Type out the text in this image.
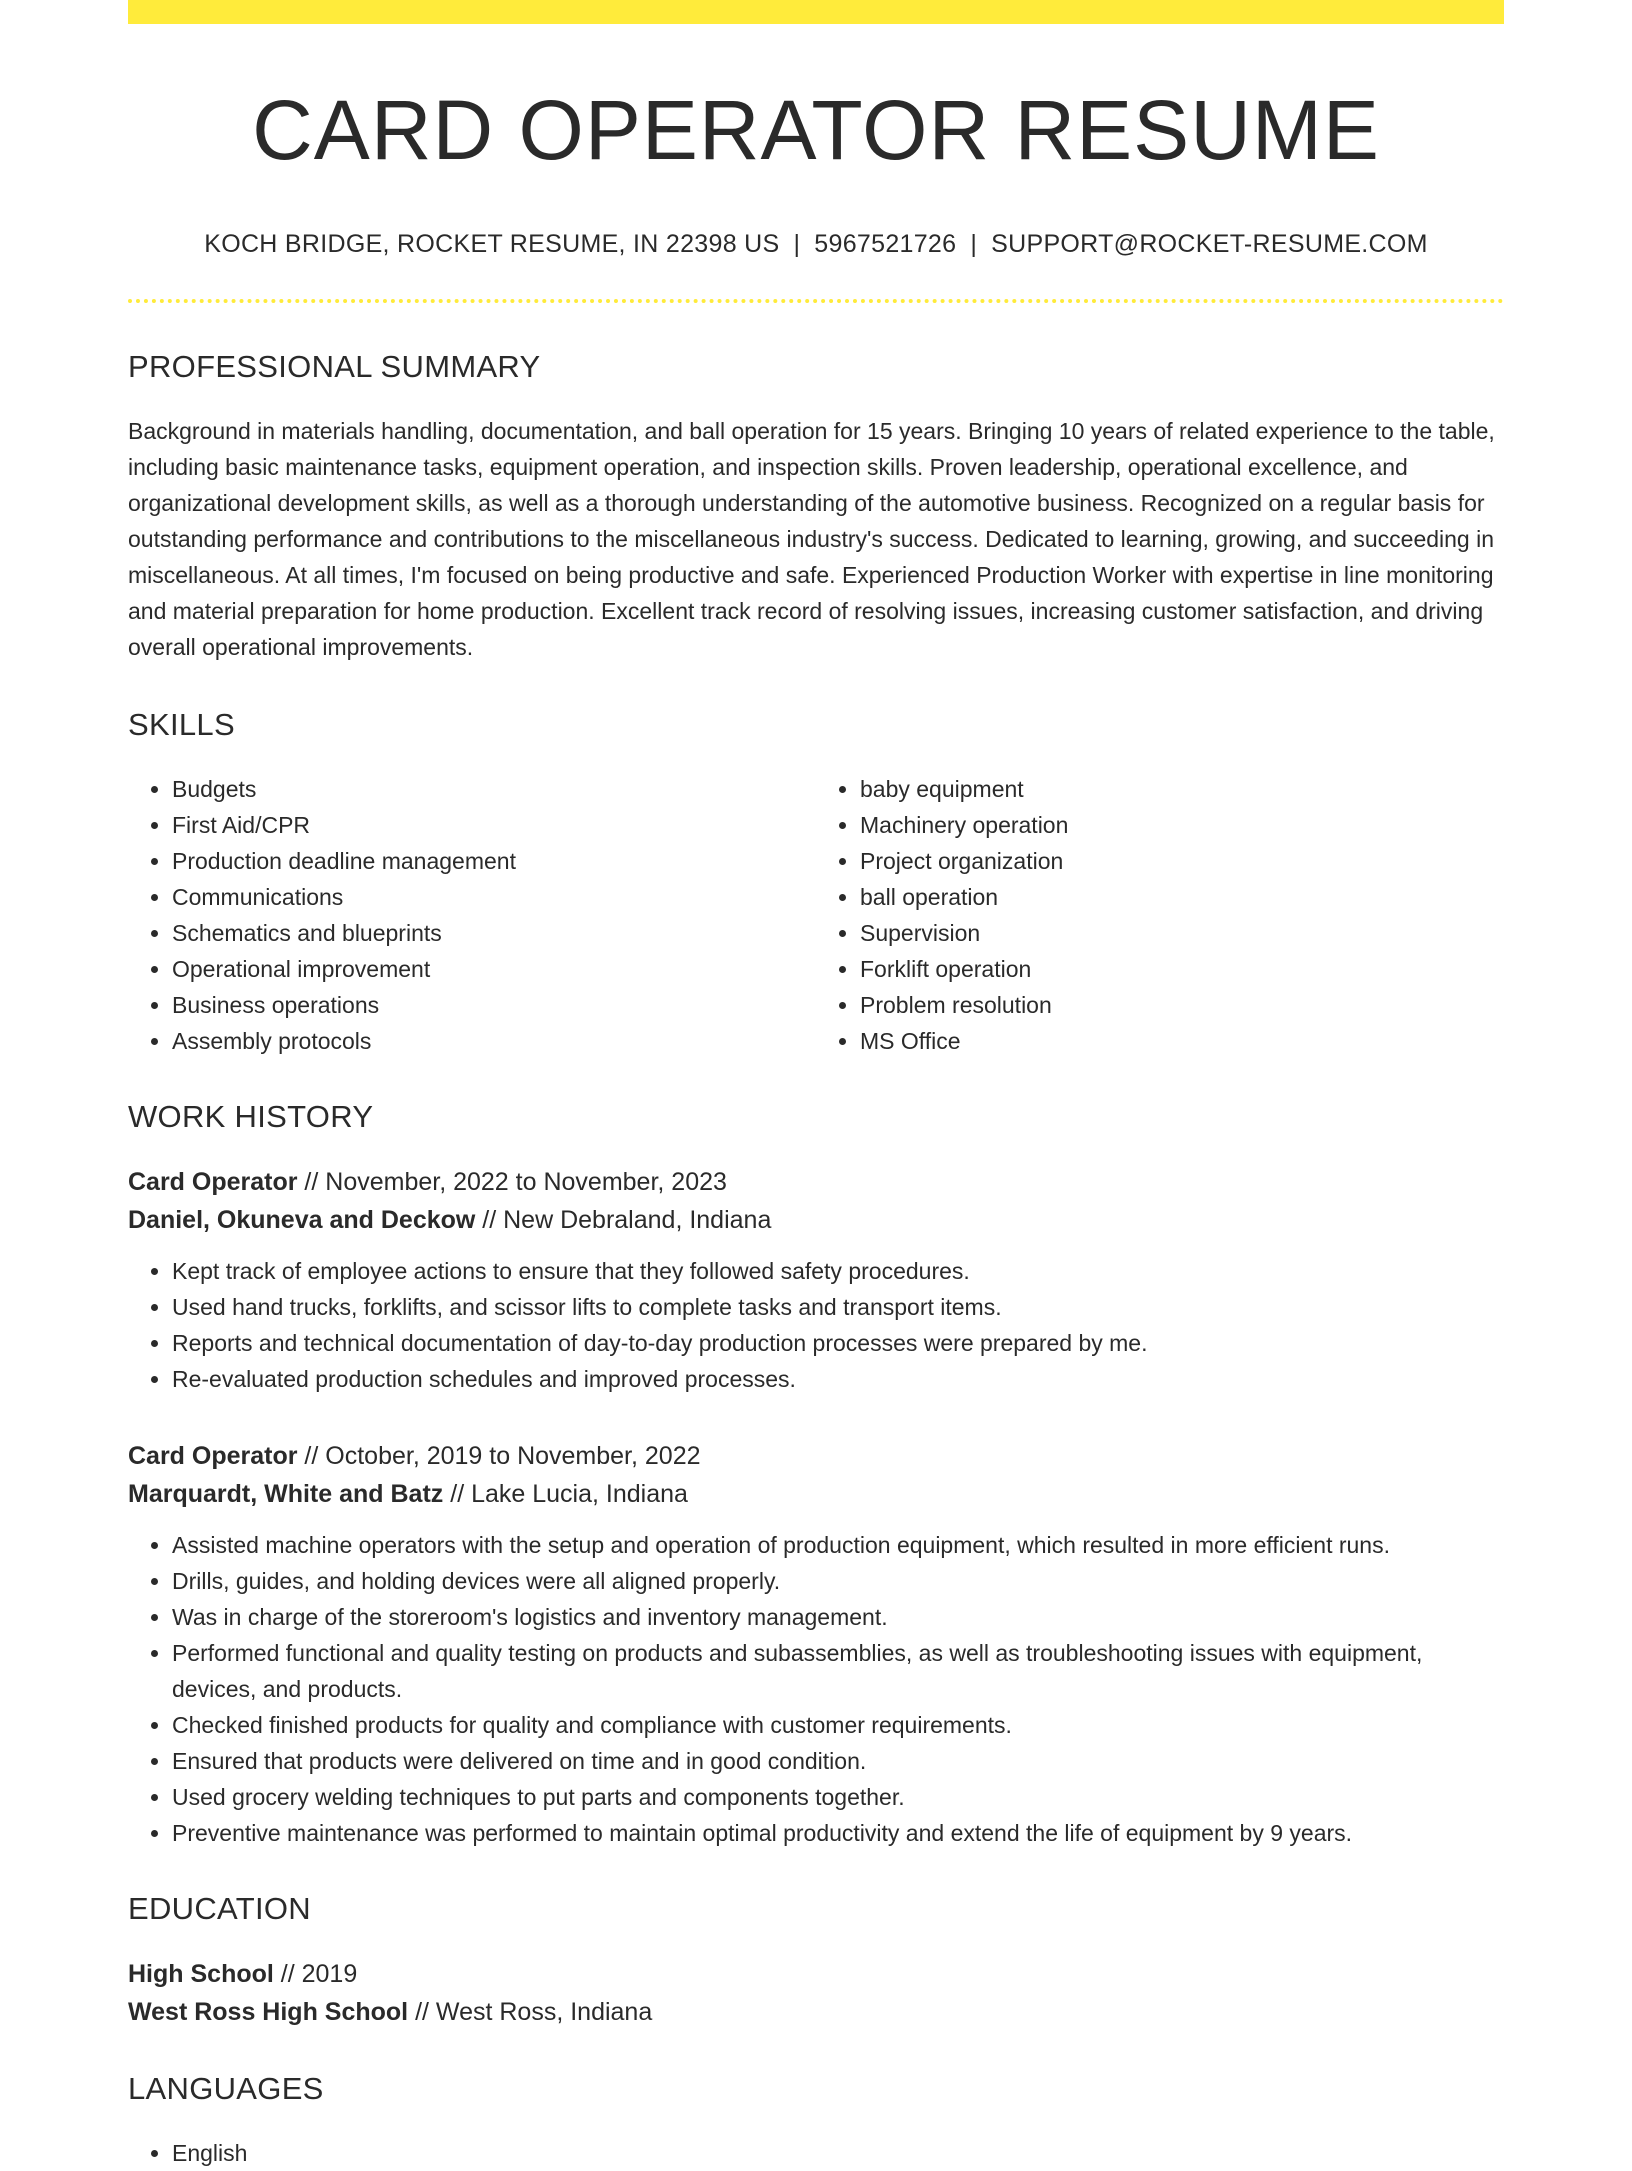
CARD OPERATOR RESUME
KOCH BRIDGE, ROCKET RESUME, IN 22398 US | 5967521726 | SUPPORT@ROCKET-RESUME.COM
PROFESSIONAL SUMMARY

Background in materials handling, documentation, and ball operation for 15 years. Bringing 10 years of related experience to the table, including basic maintenance tasks, equipment operation, and inspection skills. Proven leadership, operational excellence, and organizational development skills, as well as a thorough understanding of the automotive business. Recognized on a regular basis for outstanding performance and contributions to the miscellaneous industry's success. Dedicated to learning, growing, and succeeding in miscellaneous. At all times, I'm focused on being productive and safe. Experienced Production Worker with expertise in line monitoring and material preparation for home production. Excellent track record of resolving issues, increasing customer satisfaction, and driving overall operational improvements.

SKILLS
• Budgets
• First Aid/CPR
• Production deadline management
• Communications
• Schematics and blueprints
• Operational improvement
• Business operations
• Assembly protocols
• baby equipment
• Machinery operation
• Project organization
• ball operation
• Supervision
• Forklift operation
• Problem resolution
• MS Office
WORK HISTORY
Card Operator // November, 2022 to November, 2023
Daniel, Okuneva and Deckow // New Debraland, Indiana
• Kept track of employee actions to ensure that they followed safety procedures.
• Used hand trucks, forklifts, and scissor lifts to complete tasks and transport items.
• Reports and technical documentation of day-to-day production processes were prepared by me.
• Re-evaluated production schedules and improved processes.
Card Operator // October, 2019 to November, 2022
Marquardt, White and Batz // Lake Lucia, Indiana
• Assisted machine operators with the setup and operation of production equipment, which resulted in more efficient runs.
• Drills, guides, and holding devices were all aligned properly.
• Was in charge of the storeroom's logistics and inventory management.
• Performed functional and quality testing on products and subassemblies, as well as troubleshooting issues with equipment, devices, and products.
• Checked finished products for quality and compliance with customer requirements.
• Ensured that products were delivered on time and in good condition.
• Used grocery welding techniques to put parts and components together.
• Preventive maintenance was performed to maintain optimal productivity and extend the life of equipment by 9 years.
EDUCATION
High School // 2019
West Ross High School // West Ross, Indiana
LANGUAGES
• English
